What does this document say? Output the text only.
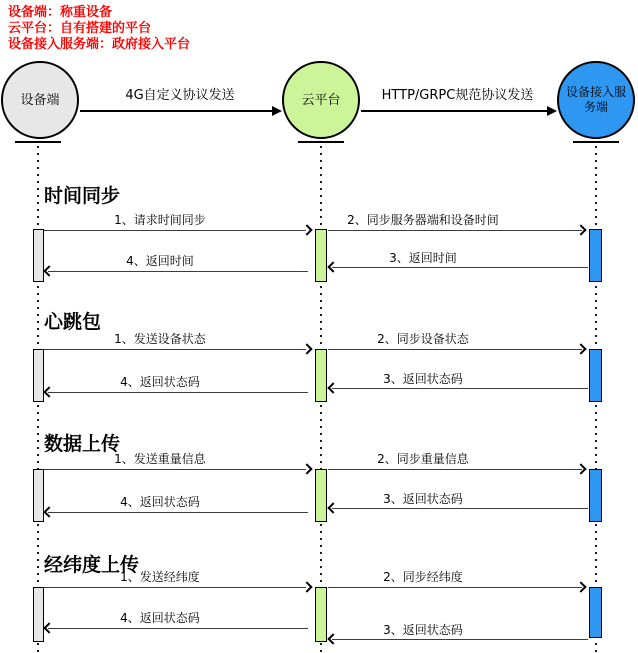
设备端：称重设备
云平台：自有搭建的平台
设备接入服务端：政府接入平台
设备端	云平台
设备接入服务端
4G自定义协议发送	HTTP/GRPC规范协议发送
时间同步
1、请求时间同步	2、同步服务器端和设备时间
3、返回时间
4、返回时间
心跳包
1、发送设备状态	2、同步设备状态
3、返回状态码
4、返回状态码
数据上传
1、发送重量信息	2、同步重量信息
3、返回状态码
4、返回状态码
经纬度上传
1、发送经纬度	2、同步经纬度
3、返回状态码
4、返回状态码
